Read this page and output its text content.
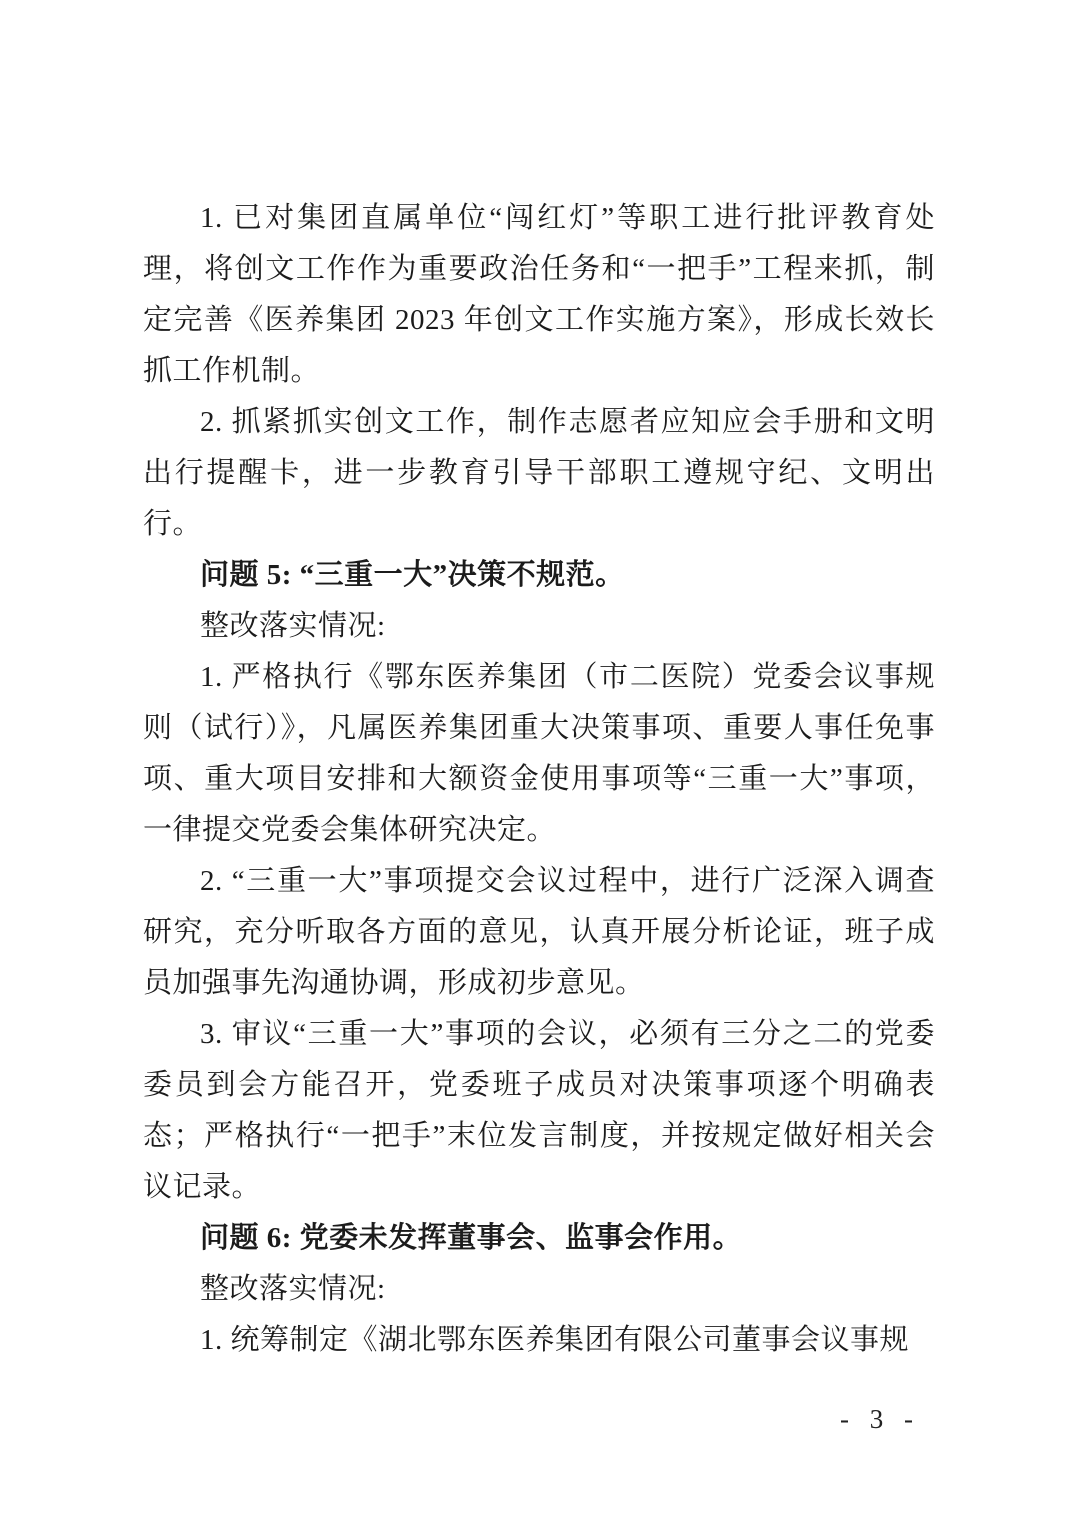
1. 已对集团直属单位“闯红灯”等职工进行批评教育处理，将创文工作作为重要政治任务和“一把手”工程来抓，制定完善《医养集团 2023 年创文工作实施方案》，形成长效长抓工作机制。

2. 抓紧抓实创文工作，制作志愿者应知应会手册和文明出行提醒卡，进一步教育引导干部职工遵规守纪、文明出行。

问题 5: “三重一大”决策不规范。

整改落实情况:

1. 严格执行《鄂东医养集团（市二医院）党委会议事规则（试行）》，凡属医养集团重大决策事项、重要人事任免事项、重大项目安排和大额资金使用事项等“三重一大”事项，一律提交党委会集体研究决定。

2. “三重一大”事项提交会议过程中，进行广泛深入调查研究，充分听取各方面的意见，认真开展分析论证，班子成员加强事先沟通协调，形成初步意见。

3. 审议“三重一大”事项的会议，必须有三分之二的党委委员到会方能召开，党委班子成员对决策事项逐个明确表态；严格执行“一把手”末位发言制度，并按规定做好相关会议记录。

问题 6: 党委未发挥董事会、监事会作用。

整改落实情况:

1. 统筹制定《湖北鄂东医养集团有限公司董事会议事规

- 3 -
